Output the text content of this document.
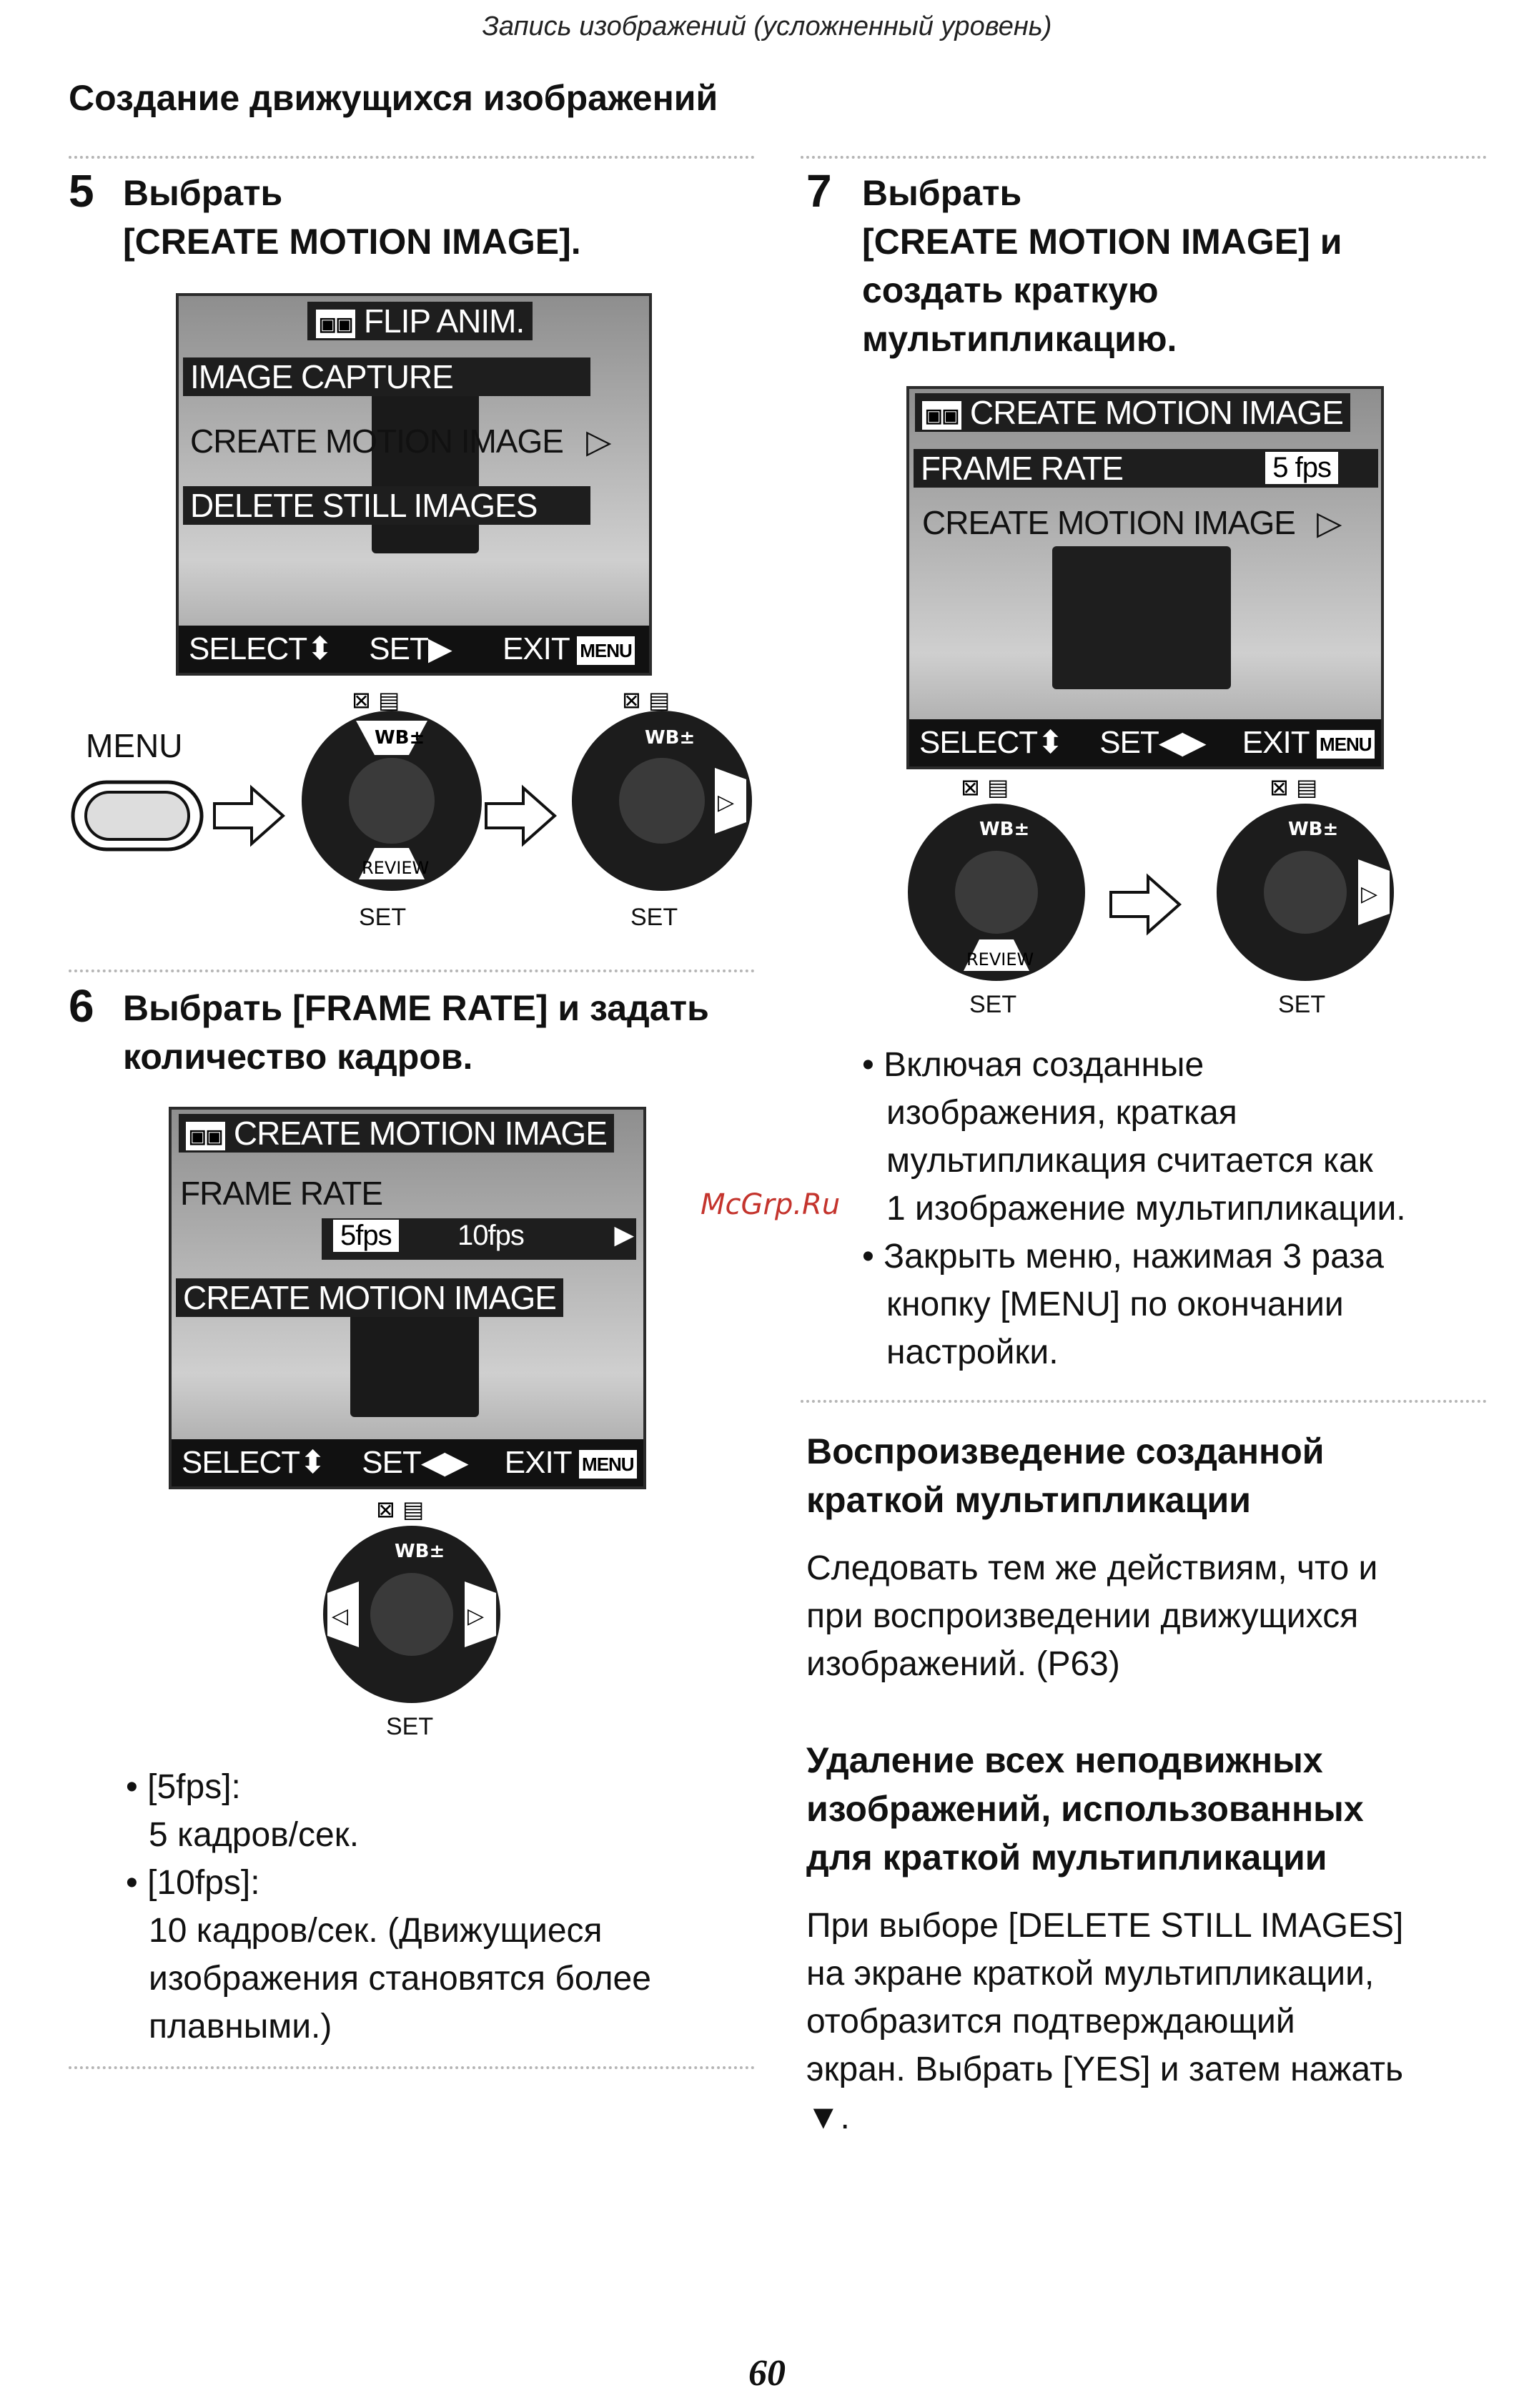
Запись изображений (усложненный уровень)
Создание движущихся изображений
5 Выбрать
[CREATE MOTION IMAGE].
▣▣ FLIP ANIM.
IMAGE CAPTURE
CREATE MOTION IMAGE ▷
DELETE STILL IMAGES
SELECT⬍ SET▶ EXIT MENU
MENU
⊠ ▤
WB±
REVIEW
SET
⊠ ▤
WB±
▷
SET
6 Выбрать [FRAME RATE] и задать
количество кадров.
▣▣ CREATE MOTION IMAGE
FRAME RATE
5fps 10fps	▶
CREATE MOTION IMAGE
SELECT⬍ SET◀▶ EXIT MENU
⊠ ▤
WB±
◁	▷
SET
• [5fps]:
5 кадров/сек.
• [10fps]:
10 кадров/сек. (Движущиеся
изображения становятся более
плавными.)
7 Выбрать
[CREATE MOTION IMAGE] и
создать краткую
мультипликацию.
▣▣ CREATE MOTION IMAGE
FRAME RATE	5 fps
CREATE MOTION IMAGE ▷
SELECT⬍ SET◀▶ EXIT MENU
⊠ ▤
WB±
REVIEW
SET
⊠ ▤
WB±
▷
SET
• Включая созданные
изображения, краткая
мультипликация считается как
1 изображение мультипликации.
• Закрыть меню, нажимая 3 раза
кнопку [MENU] по окончании
настройки.
McGrp.Ru
Воспроизведение созданной
краткой мультипликации
Следовать тем же действиям, что и
при воспроизведении движущихся
изображений. (P63)
Удаление всех неподвижных
изображений, использованных
для краткой мультипликации
При выборе [DELETE STILL IMAGES]
на экране краткой мультипликации,
отобразится подтверждающий
экран. Выбрать [YES] и затем нажать
▼.
60
